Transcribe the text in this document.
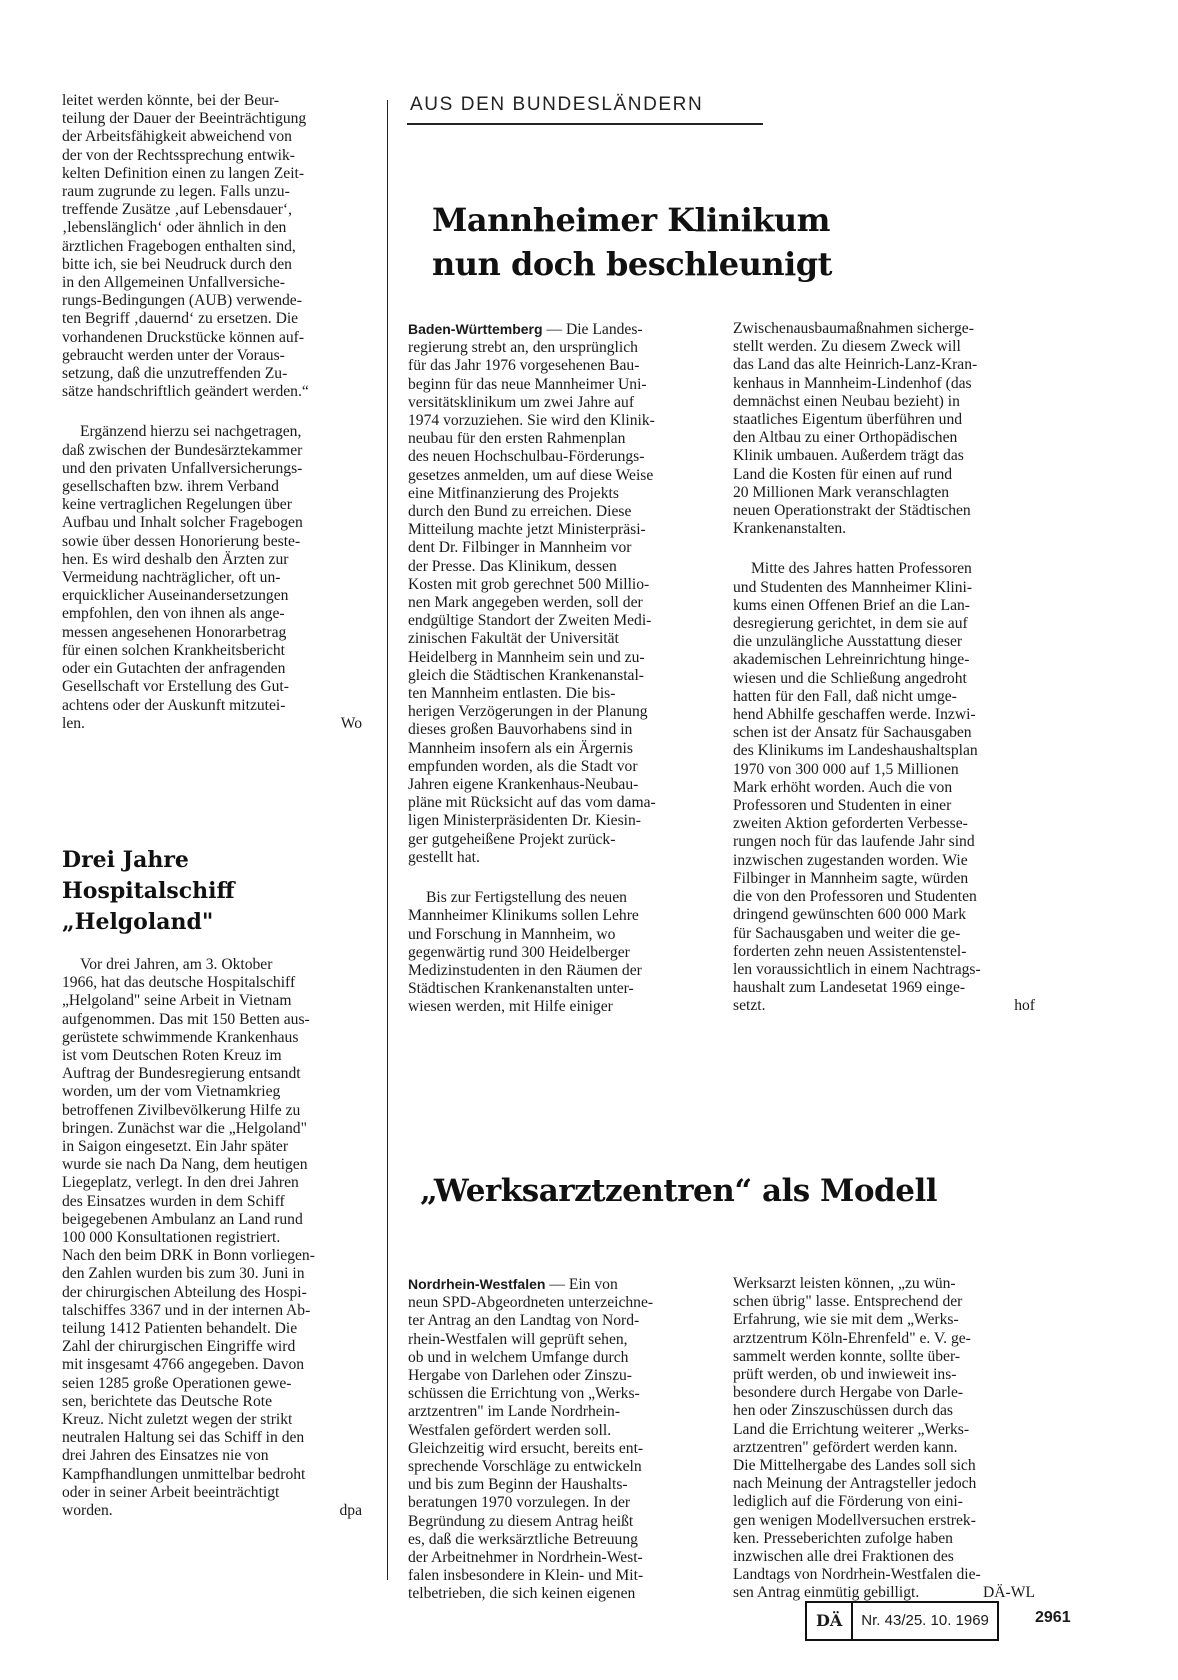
AUS DEN BUNDESLÄNDERN

leitet werden könnte, bei der Beur-
teilung der Dauer der Beeinträchtigung
der Arbeitsfähigkeit abweichend von
der von der Rechtssprechung entwik-
kelten Definition einen zu langen Zeit-
raum zugrunde zu legen. Falls unzu-
treffende Zusätze ‚auf Lebensdauer‘,
‚lebenslänglich‘ oder ähnlich in den
ärztlichen Fragebogen enthalten sind,
bitte ich, sie bei Neudruck durch den
in den Allgemeinen Unfallversiche-
rungs-Bedingungen (AUB) verwende-
ten Begriff ‚dauernd‘ zu ersetzen. Die
vorhandenen Druckstücke können auf-
gebraucht werden unter der Voraus-
setzung, daß die unzutreffenden Zu-
sätze handschriftlich geändert werden.“

Ergänzend hierzu sei nachgetragen,
daß zwischen der Bundesärztekammer
und den privaten Unfallversicherungs-
gesellschaften bzw. ihrem Verband
keine vertraglichen Regelungen über
Aufbau und Inhalt solcher Fragebogen
sowie über dessen Honorierung beste-
hen. Es wird deshalb den Ärzten zur
Vermeidung nachträglicher, oft un-
erquicklicher Auseinandersetzungen
empfohlen, den von ihnen als ange-
messen angesehenen Honorarbetrag
für einen solchen Krankheitsbericht
oder ein Gutachten der anfragenden
Gesellschaft vor Erstellung des Gut-
achtens oder der Auskunft mitzutei-

len.	Wo

Drei Jahre
Hospitalschiff
„Helgoland"

Vor drei Jahren, am 3. Oktober
1966, hat das deutsche Hospitalschiff
„Helgoland" seine Arbeit in Vietnam
aufgenommen. Das mit 150 Betten aus-
gerüstete schwimmende Krankenhaus
ist vom Deutschen Roten Kreuz im
Auftrag der Bundesregierung entsandt
worden, um der vom Vietnamkrieg
betroffenen Zivilbevölkerung Hilfe zu
bringen. Zunächst war die „Helgoland"
in Saigon eingesetzt. Ein Jahr später
wurde sie nach Da Nang, dem heutigen
Liegeplatz, verlegt. In den drei Jahren
des Einsatzes wurden in dem Schiff
beigegebenen Ambulanz an Land rund
100 000 Konsultationen registriert.
Nach den beim DRK in Bonn vorliegen-
den Zahlen wurden bis zum 30. Juni in
der chirurgischen Abteilung des Hospi-
talschiffes 3367 und in der internen Ab-
teilung 1412 Patienten behandelt. Die
Zahl der chirurgischen Eingriffe wird
mit insgesamt 4766 angegeben. Davon
seien 1285 große Operationen gewe-
sen, berichtete das Deutsche Rote
Kreuz. Nicht zuletzt wegen der strikt
neutralen Haltung sei das Schiff in den
drei Jahren des Einsatzes nie von
Kampfhandlungen unmittelbar bedroht
oder in seiner Arbeit beeinträchtigt

worden.	dpa

Mannheimer Klinikum
nun doch beschleunigt

Baden-Württemberg — Die Landes-
regierung strebt an, den ursprünglich
für das Jahr 1976 vorgesehenen Bau-
beginn für das neue Mannheimer Uni-
versitätsklinikum um zwei Jahre auf
1974 vorzuziehen. Sie wird den Klinik-
neubau für den ersten Rahmenplan
des neuen Hochschulbau-Förderungs-
gesetzes anmelden, um auf diese Weise
eine Mitfinanzierung des Projekts
durch den Bund zu erreichen. Diese
Mitteilung machte jetzt Ministerpräsi-
dent Dr. Filbinger in Mannheim vor
der Presse. Das Klinikum, dessen
Kosten mit grob gerechnet 500 Millio-
nen Mark angegeben werden, soll der
endgültige Standort der Zweiten Medi-
zinischen Fakultät der Universität
Heidelberg in Mannheim sein und zu-
gleich die Städtischen Krankenanstal-
ten Mannheim entlasten. Die bis-
herigen Verzögerungen in der Planung
dieses großen Bauvorhabens sind in
Mannheim insofern als ein Ärgernis
empfunden worden, als die Stadt vor
Jahren eigene Krankenhaus-Neubau-
pläne mit Rücksicht auf das vom dama-
ligen Ministerpräsidenten Dr. Kiesin-
ger gutgeheißene Projekt zurück-
gestellt hat.

Bis zur Fertigstellung des neuen
Mannheimer Klinikums sollen Lehre
und Forschung in Mannheim, wo
gegenwärtig rund 300 Heidelberger
Medizinstudenten in den Räumen der
Städtischen Krankenanstalten unter-
wiesen werden, mit Hilfe einiger

Zwischenausbaumaßnahmen sicherge-
stellt werden. Zu diesem Zweck will
das Land das alte Heinrich-Lanz-Kran-
kenhaus in Mannheim-Lindenhof (das
demnächst einen Neubau bezieht) in
staatliches Eigentum überführen und
den Altbau zu einer Orthopädischen
Klinik umbauen. Außerdem trägt das
Land die Kosten für einen auf rund
20 Millionen Mark veranschlagten
neuen Operationstrakt der Städtischen
Krankenanstalten.

Mitte des Jahres hatten Professoren
und Studenten des Mannheimer Klini-
kums einen Offenen Brief an die Lan-
desregierung gerichtet, in dem sie auf
die unzulängliche Ausstattung dieser
akademischen Lehreinrichtung hinge-
wiesen und die Schließung angedroht
hatten für den Fall, daß nicht umge-
hend Abhilfe geschaffen werde. Inzwi-
schen ist der Ansatz für Sachausgaben
des Klinikums im Landeshaushaltsplan
1970 von 300 000 auf 1,5 Millionen
Mark erhöht worden. Auch die von
Professoren und Studenten in einer
zweiten Aktion geforderten Verbesse-
rungen noch für das laufende Jahr sind
inzwischen zugestanden worden. Wie
Filbinger in Mannheim sagte, würden
die von den Professoren und Studenten
dringend gewünschten 600 000 Mark
für Sachausgaben und weiter die ge-
forderten zehn neuen Assistentenstel-
len voraussichtlich in einem Nachtrags-
haushalt zum Landesetat 1969 einge-

setzt.	hof

„Werksarztzentren“ als Modell

Nordrhein-Westfalen — Ein von
neun SPD-Abgeordneten unterzeichne-
ter Antrag an den Landtag von Nord-
rhein-Westfalen will geprüft sehen,
ob und in welchem Umfange durch
Hergabe von Darlehen oder Zinszu-
schüssen die Errichtung von „Werks-
arztzentren" im Lande Nordrhein-
Westfalen gefördert werden soll.
Gleichzeitig wird ersucht, bereits ent-
sprechende Vorschläge zu entwickeln
und bis zum Beginn der Haushalts-
beratungen 1970 vorzulegen. In der
Begründung zu diesem Antrag heißt
es, daß die werksärztliche Betreuung
der Arbeitnehmer in Nordrhein-West-
falen insbesondere in Klein- und Mit-
telbetrieben, die sich keinen eigenen

Werksarzt leisten können, „zu wün-
schen übrig" lasse. Entsprechend der
Erfahrung, wie sie mit dem „Werks-
arztzentrum Köln-Ehrenfeld" e. V. ge-
sammelt werden konnte, sollte über-
prüft werden, ob und inwieweit ins-
besondere durch Hergabe von Darle-
hen oder Zinszuschüssen durch das
Land die Errichtung weiterer „Werks-
arztzentren" gefördert werden kann.
Die Mittelhergabe des Landes soll sich
nach Meinung der Antragsteller jedoch
lediglich auf die Förderung von eini-
gen wenigen Modellversuchen erstrek-
ken. Presseberichten zufolge haben
inzwischen alle drei Fraktionen des
Landtags von Nordrhein-Westfalen die-

sen Antrag einmütig gebilligt.	DÄ-WL

DÄ	Nr. 43/25. 10. 1969	2961
